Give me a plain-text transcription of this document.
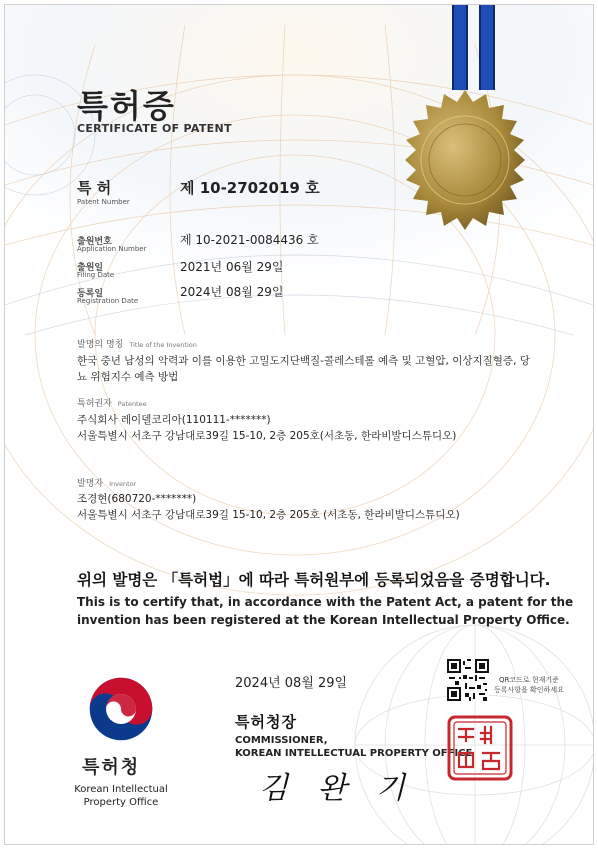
특허증
CERTIFICATE OF PATENT
특 허
Patent Number
제 10-2702019 호
출원번호
Application Number
제 10-2021-0084436 호
출원일
Filing Date
2021년 06월 29일
등록일
Registration Date
2024년 08월 29일
발명의 명칭 Title of the Invention
한국 중년 남성의 악력과 이를 이용한 고밀도지단백질-콜레스테롤 예측 및 고혈압, 이상지질혈증, 당
뇨 위험지수 예측 방법
특허권자 Patentee
주식회사 레이델코리아(110111-*******)
서울특별시 서초구 강남대로39길 15-10, 2층 205호(서초동, 한라비발디스튜디오)
발명자 Inventor
조경현(680720-*******)
서울특별시 서초구 강남대로39길 15-10, 2층 205호 (서초동, 한라비발디스튜디오)
위의 발명은 「특허법」에 따라 특허원부에 등록되었음을 증명합니다.
This is to certify that, in accordance with the Patent Act, a patent for the
invention has been registered at the Korean Intellectual Property Office.
2024년 08월 29일	QR코드로 현재기준
등록사항을 확인하세요
특허청
Korean Intellectual
Property Office
특허청장
COMMISSIONER,
KOREAN INTELLECTUAL PROPERTY OFFICE
김 완 기
